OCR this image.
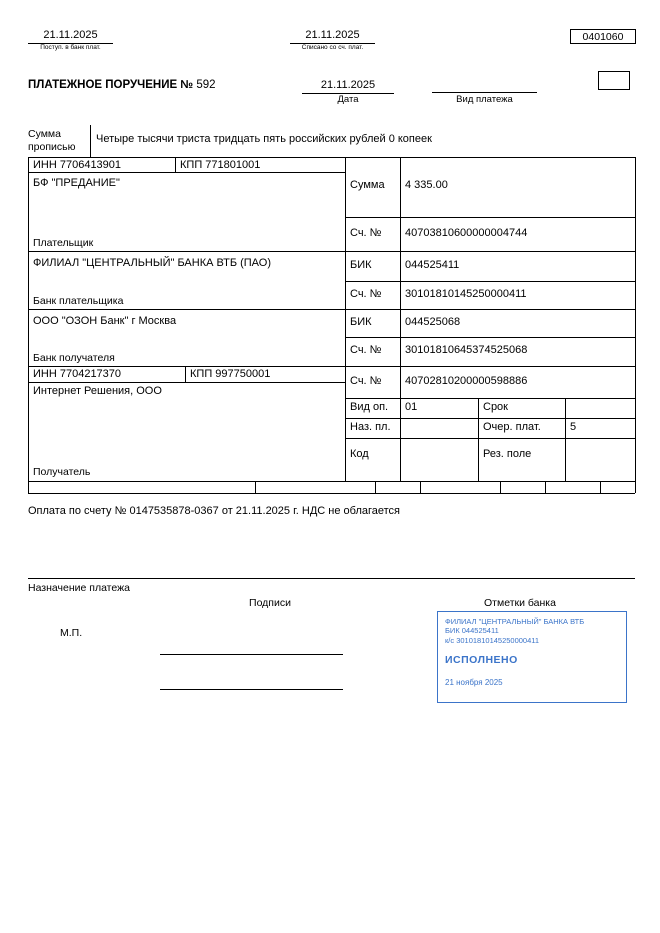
21.11.2025
Поступ. в банк плат.
21.11.2025
Списано со сч. плат.
0401060
ПЛАТЕЖНОЕ ПОРУЧЕНИЕ № 592	21.11.2025
Дата	Вид платежа
Сумма прописью
Четыре тысячи триста тридцать пять российских рублей 0 копеек
ИНН 7706413901	КПП 771801001
БФ "ПРЕДАНИЕ"
Плательщик
ФИЛИАЛ "ЦЕНТРАЛЬНЫЙ" БАНКА ВТБ (ПАО)
Банк плательщика
ООО "ОЗОН Банк" г Москва
Банк получателя
ИНН 7704217370	КПП 997750001
Интернет Решения, ООО
Получатель
Сумма 4 335.00
Сч. № 40703810600000004744
БИК	044525411
Сч. № 30101810145250000411
БИК	044525068
Сч. № 30101810645374525068
Сч. № 40702810200000598886
Вид оп. 01	Срок
Наз. пл.	Очер. плат.	5
Код	Рез. поле
Оплата по счету № 0147535878-0367 от 21.11.2025 г. НДС не облагается
Назначение платежа
Подписи	Отметки банка
М.П.
ФИЛИАЛ "ЦЕНТРАЛЬНЫЙ" БАНКА ВТБ
БИК 044525411
к/с 30101810145250000411
ИСПОЛНЕНО
21 ноября 2025
